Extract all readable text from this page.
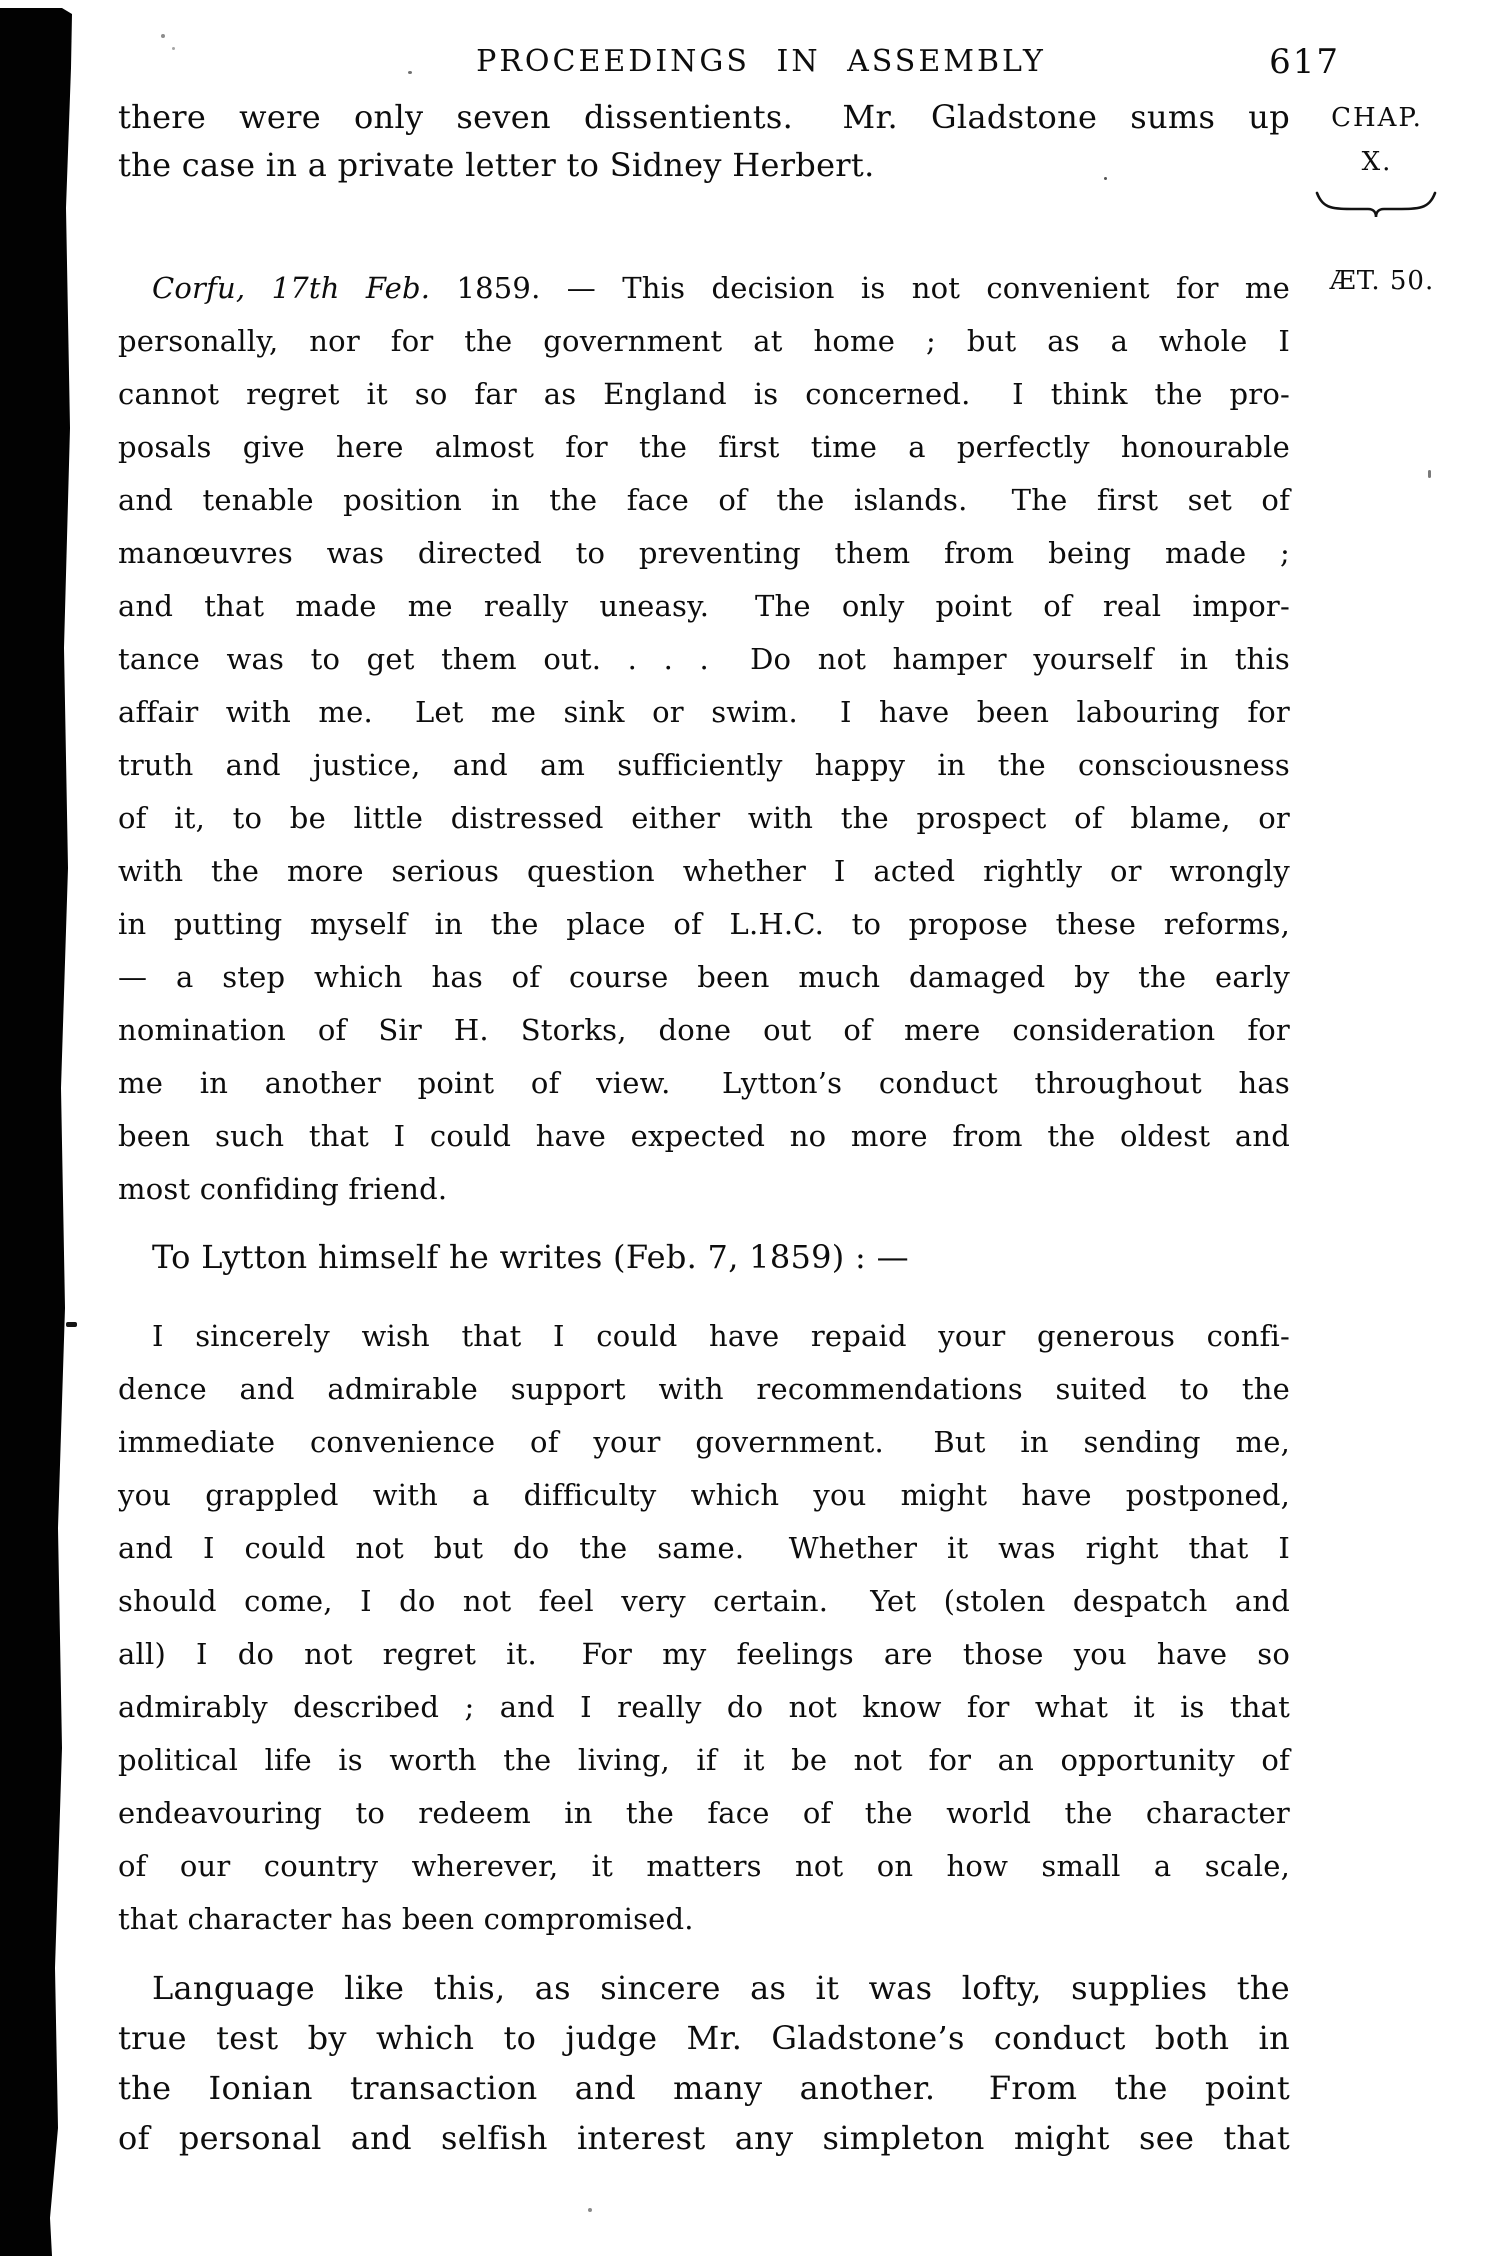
PROCEEDINGS IN ASSEMBLY	617
CHAP.
X.
ÆT. 50.
there were only seven dissentients.  Mr. Gladstone sums up
the case in a private letter to Sidney Herbert.
Corfu, 17th Feb. 1859. — This decision is not convenient for me
personally, nor for the government at home ; but as a whole I
cannot regret it so far as England is concerned.  I think the pro-
posals give here almost for the first time a perfectly honourable
and tenable position in the face of the islands.  The first set of
manœuvres was directed to preventing them from being made ;
and that made me really uneasy.  The only point of real impor-
tance was to get them out. . . .  Do not hamper yourself in this
affair with me.  Let me sink or swim.  I have been labouring for
truth and justice, and am sufficiently happy in the consciousness
of it, to be little distressed either with the prospect of blame, or
with the more serious question whether I acted rightly or wrongly
in putting myself in the place of L.H.C. to propose these reforms,
— a step which has of course been much damaged by the early
nomination of Sir H. Storks, done out of mere consideration for
me in another point of view.  Lytton’s conduct throughout has
been such that I could have expected no more from the oldest and
most confiding friend.
To Lytton himself he writes (Feb. 7, 1859) : —
I sincerely wish that I could have repaid your generous confi-
dence and admirable support with recommendations suited to the
immediate convenience of your government.  But in sending me,
you grappled with a difficulty which you might have postponed,
and I could not but do the same.  Whether it was right that I
should come, I do not feel very certain.  Yet (stolen despatch and
all) I do not regret it.  For my feelings are those you have so
admirably described ; and I really do not know for what it is that
political life is worth the living, if it be not for an opportunity of
endeavouring to redeem in the face of the world the character
of our country wherever, it matters not on how small a scale,
that character has been compromised.
Language like this, as sincere as it was lofty, supplies the
true test by which to judge Mr. Gladstone’s conduct both in
the Ionian transaction and many another.  From the point
of personal and selfish interest any simpleton might see that
